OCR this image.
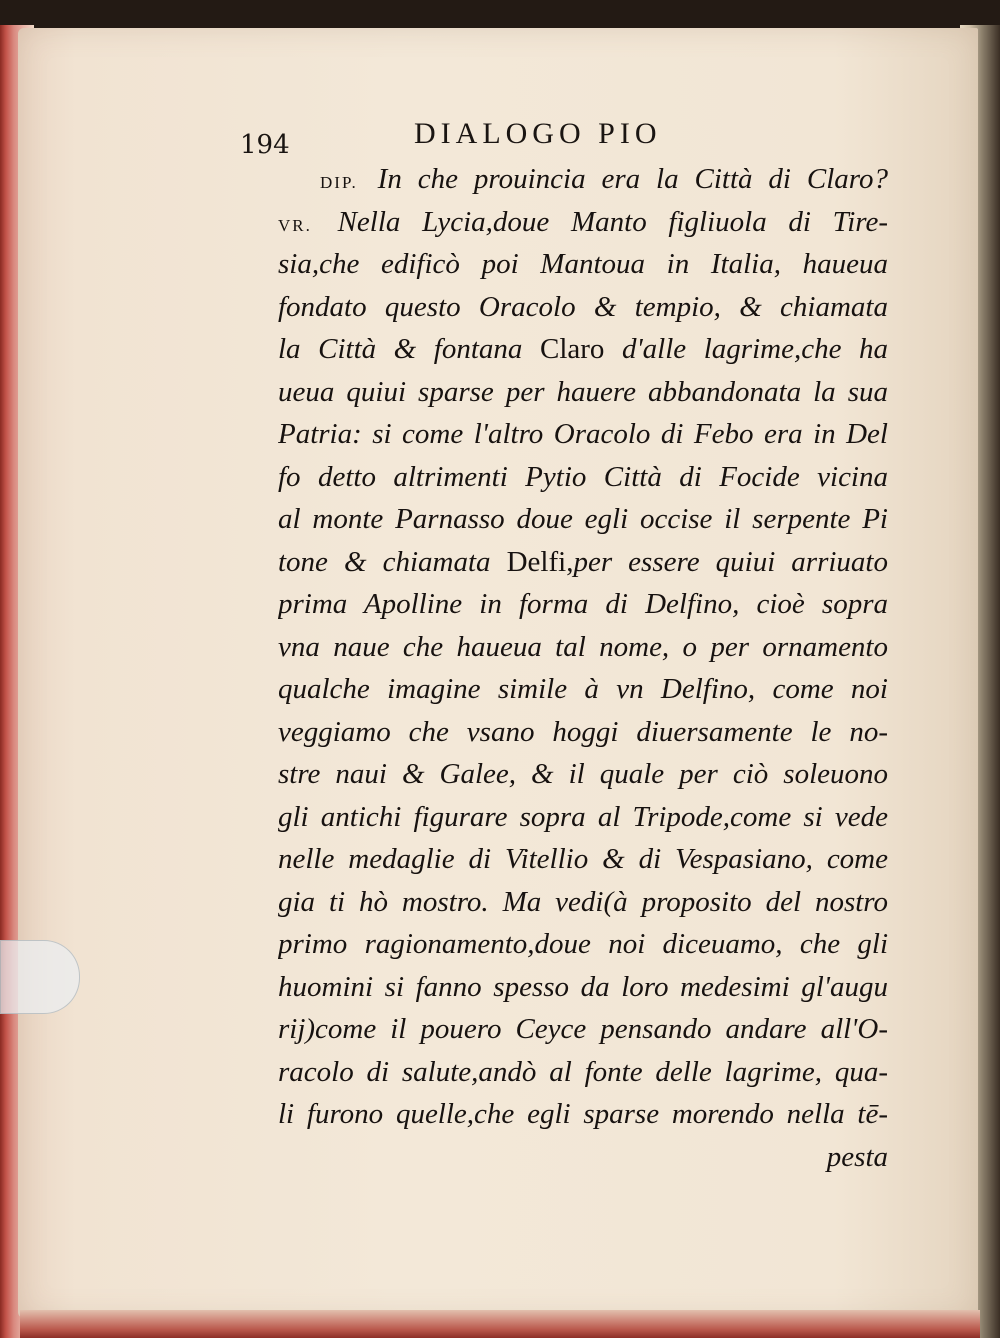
194	DIALOGO PIO
DIP. In che prouincia era la Città di Claro?
VR. Nella Lycia,doue Manto figliuola di Tire-
sia,che edificò poi Mantoua in Italia, haueua
fondato questo Oracolo & tempio, & chiamata
la Città & fontana Claro d'alle lagrime,che ha
ueua quiui sparse per hauere abbandonata la sua
Patria: si come l'altro Oracolo di Febo era in Del
fo detto altrimenti Pytio Città di Focide vicina
al monte Parnasso doue egli occise il serpente Pi
tone & chiamata Delfi,per essere quiui arriuato
prima Apolline in forma di Delfino, cioè sopra
vna naue che haueua tal nome, o per ornamento
qualche imagine simile à vn Delfino, come noi
veggiamo che vsano hoggi diuersamente le no-
stre naui & Galee, & il quale per ciò soleuono
gli antichi figurare sopra al Tripode,come si vede
nelle medaglie di Vitellio & di Vespasiano, come
gia ti hò mostro. Ma vedi(à proposito del nostro
primo ragionamento,doue noi diceuamo, che gli
huomini si fanno spesso da loro medesimi gl'augu
rij)come il pouero Ceyce pensando andare all'O-
racolo di salute,andò al fonte delle lagrime, qua-
li furono quelle,che egli sparse morendo nella tē-
pesta
